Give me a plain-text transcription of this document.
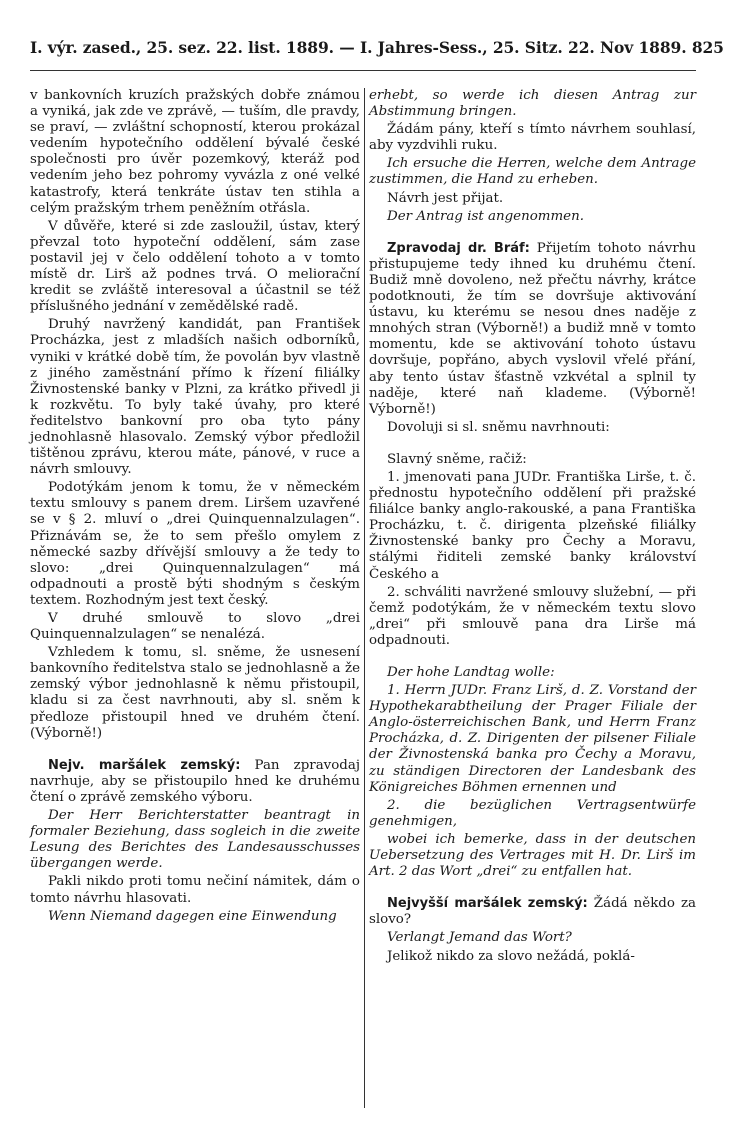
I. výr. zased., 25. sez. 22. list. 1889. — I. Jahres-Sess., 25. Sitz. 22. Nov 1889. 825

v bankovních kruzích pražských dobře známou a vyniká, jak zde ve zprávě, — tuším, dle pravdy, se praví, — zvláštní schopností, kterou prokázal vedením hypotečního oddělení bývalé české společnosti pro úvěr pozemkový, kteráž pod vedením jeho bez pohromy vyvázla z oné velké katastrofy, která tenkráte ústav ten stihla a celým pražským trhem peněžním otřásla.

V důvěře, které si zde zasloužil, ústav, který převzal toto hypoteční oddělení, sám zase postavil jej v čelo oddělení tohoto a v tomto místě dr. Lirš až podnes trvá. O meliorační kredit se zvláště interesoval a účastnil se též příslušného jednání v zemědělské radě.

Druhý navržený kandidát, pan František Procházka, jest z mladších našich odborníků, vyniki v krátké době tím, že povolán byv vlastně z jiného zaměstnání přímo k řízení filiálky Živnostenské banky v Plzni, za krátko přivedl ji k rozkvětu. To byly také úvahy, pro které ředitelstvo bankovní pro oba tyto pány jednohlasně hlasovalo. Zemský výbor předložil tištěnou zprávu, kterou máte, pánové, v ruce a návrh smlouvy.

Podotýkám jenom k tomu, že v německém textu smlouvy s panem drem. Liršem uzavřené se v § 2. mluví o „drei Quinquennalzulagen“. Přiznávám se, že to sem přešlo omylem z německé sazby dřívější smlouvy a že tedy to slovo: „drei Quinquennalzulagen“ má odpadnouti a prostě býti shodným s českým textem. Rozhodným jest text český.

V druhé smlouvě to slovo „drei Quinquennalzulagen“ se nenalézá.

Vzhledem k tomu, sl. sněme, že usnesení bankovního ředitelstva stalo se jednohlasně a že zemský výbor jednohlasně k němu přistoupil, kladu si za čest navrhnouti, aby sl. sněm k předloze přistoupil hned ve druhém čtení. (Výborně!)

Nejv. maršálek zemský: Pan zpravodaj navrhuje, aby se přistoupilo hned ke druhému čtení o zprávě zemského výboru.

Der Herr Berichterstatter beantragt in formaler Beziehung, dass sogleich in die zweite Lesung des Berichtes des Landesausschusses übergangen werde.

Pakli nikdo proti tomu nečiní námitek, dám o tomto návrhu hlasovati.

Wenn Niemand dagegen eine Einwendung

erhebt, so werde ich diesen Antrag zur Abstimmung bringen.

Žádám pány, kteří s tímto návrhem souhlasí, aby vyzdvihli ruku.

Ich ersuche die Herren, welche dem Antrage zustimmen, die Hand zu erheben.

Návrh jest přijat.

Der Antrag ist angenommen.

Zpravodaj dr. Bráf: Přijetím tohoto návrhu přistupujeme tedy ihned ku druhému čtení. Budiž mně dovoleno, než přečtu návrhy, krátce podotknouti, že tím se dovršuje aktivování ústavu, ku kterému se nesou dnes naděje z mnohých stran (Výborně!) a budiž mně v tomto momentu, kde se aktivování tohoto ústavu dovršuje, popřáno, abych vyslovil vřelé přání, aby tento ústav šťastně vzkvétal a splnil ty naděje, které naň klademe. (Výborně! Výborně!)

Dovoluji si sl. sněmu navrhnouti:

Slavný sněme, račiž:

1. jmenovati pana JUDr. Františka Lirše, t. č. přednostu hypotečního oddělení při pražské filiálce banky anglo-rakouské, a pana Františka Procházku, t. č. dirigenta plzeňské filiálky Živnostenské banky pro Čechy a Moravu, stálými řiditeli zemské banky království Českého a

2. schváliti navržené smlouvy služební, — při čemž podotýkám, že v německém textu slovo „drei“ při smlouvě pana dra Lirše má odpadnouti.

Der hohe Landtag wolle:

1. Herrn JUDr. Franz Lirš, d. Z. Vorstand der Hypothekarabtheilung der Prager Filiale der Anglo-österreichischen Bank, und Herrn Franz Procházka, d. Z. Dirigenten der pilsener Filiale der Živnostenská banka pro Čechy a Moravu, zu ständigen Directoren der Landesbank des Königreiches Böhmen ernennen und

2. die bezüglichen Vertragsentwürfe genehmigen,

wobei ich bemerke, dass in der deutschen Uebersetzung des Vertrages mit H. Dr. Lirš im Art. 2 das Wort „drei“ zu entfallen hat.

Nejvyšší maršálek zemský: Žádá někdo za slovo?

Verlangt Jemand das Wort?

Jelikož nikdo za slovo nežádá, poklá-
